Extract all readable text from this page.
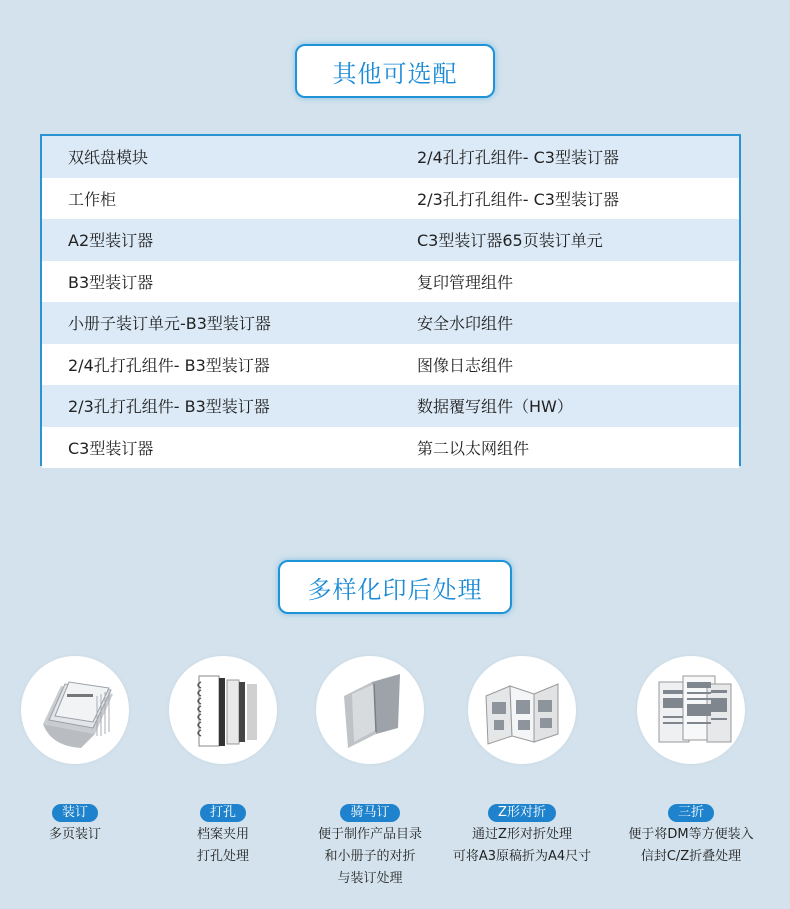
其他可选配
双纸盘模块	2/4孔打孔组件- C3型装订器
工作柜	2/3孔打孔组件- C3型装订器
A2型装订器	C3型装订器65页装订单元
B3型装订器	复印管理组件
小册子装订单元-B3型装订器	安全水印组件
2/4孔打孔组件- B3型装订器	图像日志组件
2/3孔打孔组件- B3型装订器	数据覆写组件（HW）
C3型装订器	第二以太网组件
多样化印后处理
装订
多页装订
打孔
档案夹用
打孔处理
骑马订
便于制作产品目录
和小册子的对折
与装订处理
Z形对折
通过Z形对折处理
可将A3原稿折为A4尺寸
三折
便于将DM等方便装入
信封C/Z折叠处理
